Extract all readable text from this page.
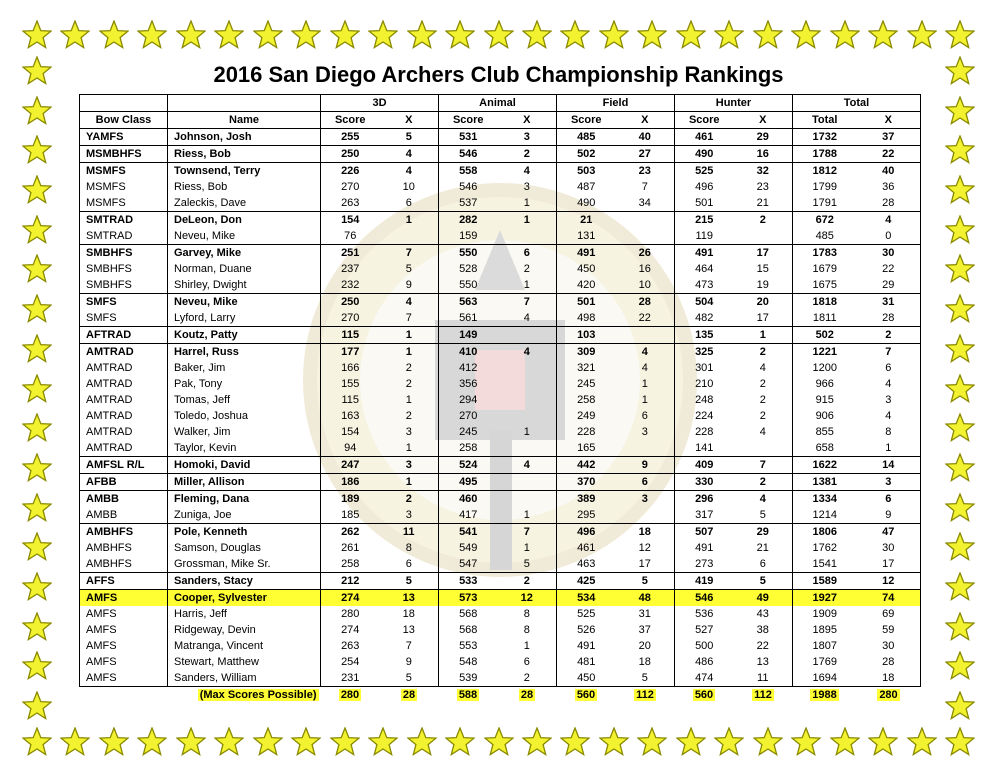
2016 San Diego Archers Club Championship Rankings
		3D		Animal		Field		Hunter		Total	
Bow Class	Name	Score	X	Score	X	Score	X	Score	X	Total	X
YAMFS	Johnson, Josh	255	5	531	3	485	40	461	29	1732	37
MSMBHFS	Riess, Bob	250	4	546	2	502	27	490	16	1788	22
MSMFS	Townsend, Terry	226	4	558	4	503	23	525	32	1812	40
MSMFS	Riess, Bob	270	10	546	3	487	7	496	23	1799	36
MSMFS	Zaleckis, Dave	263	6	537	1	490	34	501	21	1791	28
SMTRAD	DeLeon, Don	154	1	282	1	21		215	2	672	4
SMTRAD	Neveu, Mike	76		159		131		119		485	0
SMBHFS	Garvey, Mike	251	7	550	6	491	26	491	17	1783	30
SMBHFS	Norman, Duane	237	5	528	2	450	16	464	15	1679	22
SMBHFS	Shirley, Dwight	232	9	550	1	420	10	473	19	1675	29
SMFS	Neveu, Mike	250	4	563	7	501	28	504	20	1818	31
SMFS	Lyford, Larry	270	7	561	4	498	22	482	17	1811	28
AFTRAD	Koutz, Patty	115	1	149		103		135	1	502	2
AMTRAD	Harrel, Russ	177	1	410	4	309	4	325	2	1221	7
AMTRAD	Baker, Jim	166	2	412		321	4	301	4	1200	6
AMTRAD	Pak, Tony	155	2	356		245	1	210	2	966	4
AMTRAD	Tomas, Jeff	115	1	294		258	1	248	2	915	3
AMTRAD	Toledo, Joshua	163	2	270		249	6	224	2	906	4
AMTRAD	Walker, Jim	154	3	245	1	228	3	228	4	855	8
AMTRAD	Taylor, Kevin	94	1	258		165		141		658	1
AMFSL R/L	Homoki, David	247	3	524	4	442	9	409	7	1622	14
AFBB	Miller, Allison	186	1	495		370	6	330	2	1381	3
AMBB	Fleming, Dana	189	2	460		389	3	296	4	1334	6
AMBB	Zuniga, Joe	185	3	417	1	295		317	5	1214	9
AMBHFS	Pole, Kenneth	262	11	541	7	496	18	507	29	1806	47
AMBHFS	Samson, Douglas	261	8	549	1	461	12	491	21	1762	30
AMBHFS	Grossman, Mike Sr.	258	6	547	5	463	17	273	6	1541	17
AFFS	Sanders, Stacy	212	5	533	2	425	5	419	5	1589	12
AMFS	Cooper, Sylvester	274	13	573	12	534	48	546	49	1927	74
AMFS	Harris, Jeff	280	18	568	8	525	31	536	43	1909	69
AMFS	Ridgeway, Devin	274	13	568	8	526	37	527	38	1895	59
AMFS	Matranga, Vincent	263	7	553	1	491	20	500	22	1807	30
AMFS	Stewart, Matthew	254	9	548	6	481	18	486	13	1769	28
AMFS	Sanders, William	231	5	539	2	450	5	474	11	1694	18
	(Max Scores Possible)	280	28	588	28	560	112	560	112	1988	280
